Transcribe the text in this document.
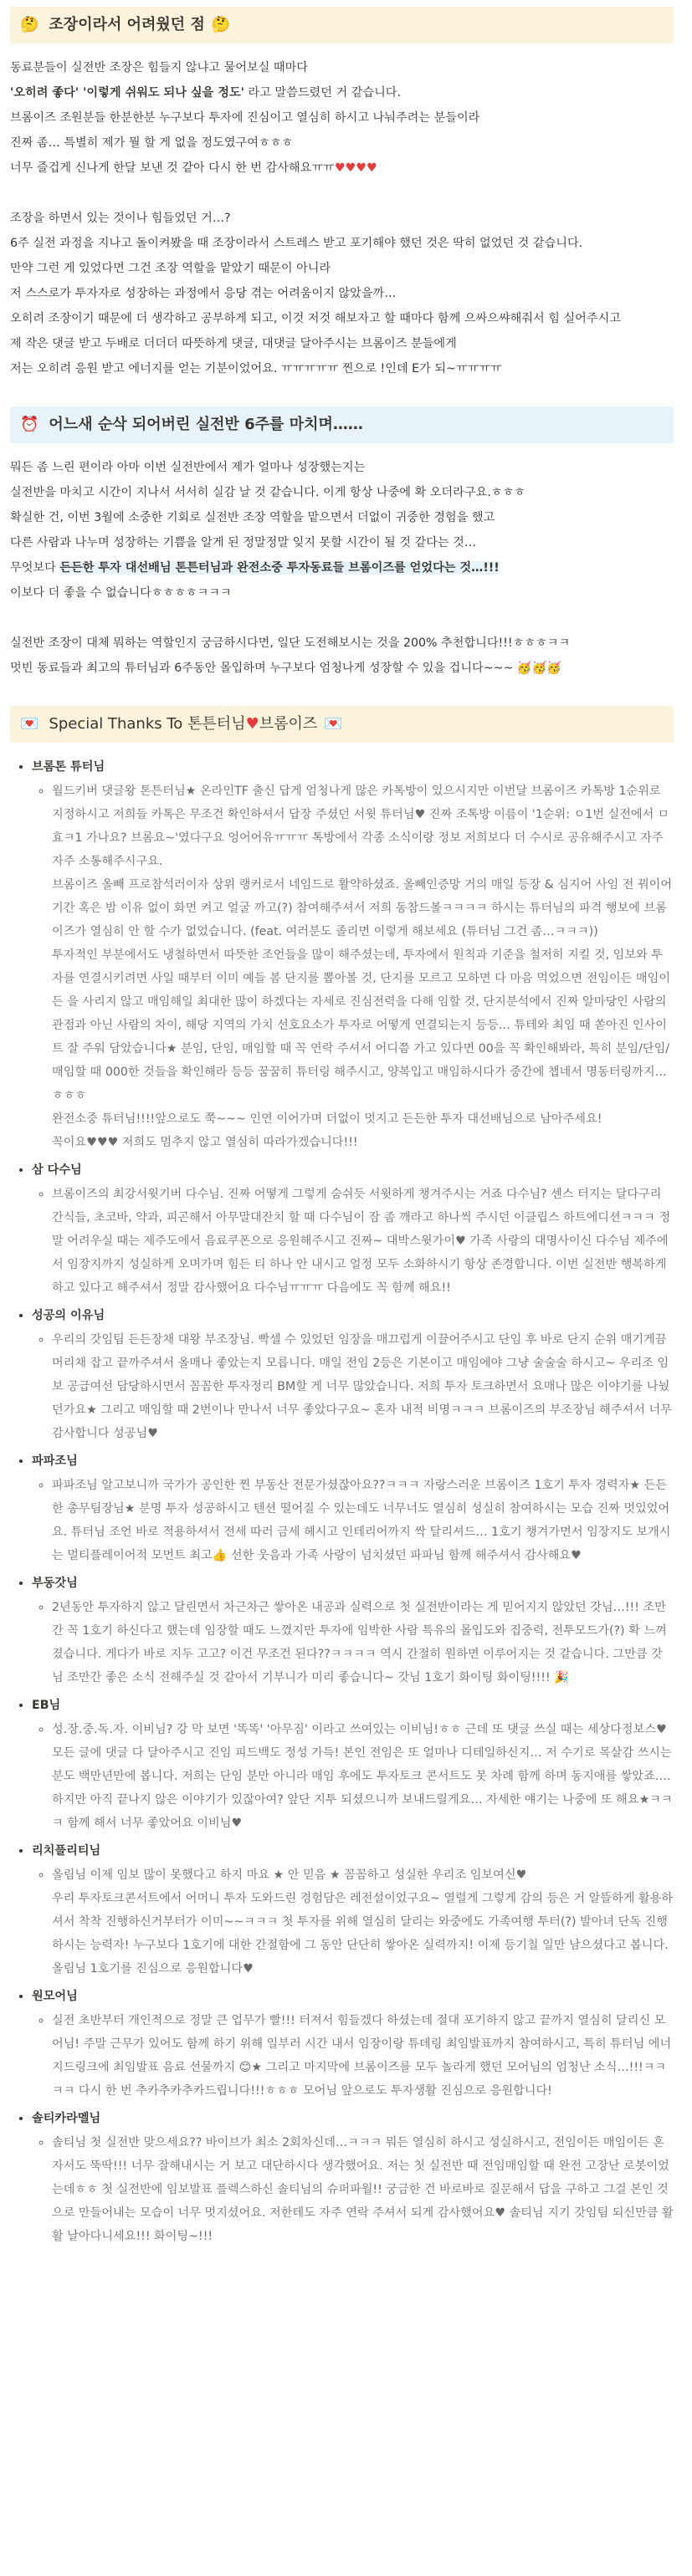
🤔 조장이라서 어려웠던 점 🤔

동료분들이 실전반 조장은 힘들지 않냐고 물어보실 때마다

'오히려 좋다' '이렇게 쉬워도 되나 싶을 정도' 라고 말씀드렸던 거 같습니다.

브롬이즈 조원분들 한분한분 누구보다 투자에 진심이고 열심히 하시고 나눠주려는 분들이라

진짜 좀… 특별히 제가 뭘 할 게 없을 정도였구여ㅎㅎㅎ

너무 즐겁게 신나게 한달 보낸 것 같아 다시 한 번 감사해요ㅠㅠ♥♥♥♥

조장을 하면서 있는 것이나 힘들었던 거…?

6주 실전 과정을 지나고 돌이켜봤을 때 조장이라서 스트레스 받고 포기해야 했던 것은 딱히 없었던 것 같습니다.

만약 그런 게 있었다면 그건 조장 역할을 맡았기 때문이 아니라

저 스스로가 투자자로 성장하는 과정에서 응당 겪는 어려움이지 않았을까…

오히려 조장이기 때문에 더 생각하고 공부하게 되고, 이것 저것 해보자고 할 때마다 함께 으싸으쌰해줘서 힘 실어주시고

제 작은 댓글 받고 두배로 더더더 따뜻하게 댓글, 대댓글 달아주시는 브롬이즈 분들에게

저는 오히려 응원 받고 에너지를 얻는 기분이었어요. ㅠㅠㅠㅠㅠ 찐으로 !인데 E가 되~ㅠㅠㅠㅠ

⏰ 어느새 순삭 되어버린 실전반 6주를 마치며……

뭐든 좀 느린 편이라 아마 이번 실전반에서 제가 얼마나 성장했는지는

실전반을 마치고 시간이 지나서 서서히 실감 날 것 같습니다. 이게 항상 나중에 확 오더라구요.ㅎㅎㅎ

확실한 건, 이번 3월에 소중한 기회로 실전반 조장 역할을 맡으면서 더없이 귀중한 경험을 했고

다른 사람과 나누며 성장하는 기쁨을 알게 된 정말정말 잊지 못할 시간이 될 것 같다는 것…

무엇보다 든든한 투자 대선배님 톤튼터님과 완전소중 투자동료들 브롬이즈를 얻었다는 것…!!!

이보다 더 좋을 수 없습니다ㅎㅎㅎㅎㅋㅋㅋ

실전반 조장이 대체 뭐하는 역할인지 궁금하시다면, 일단 도전해보시는 것을 200% 추천합니다!!!ㅎㅎㅎㅋㅋ

멋빈 동료들과 최고의 튜터님과 6주동안 몰입하며 누구보다 엄청나게 성장할 수 있을 겁니다~~~ 🥳🥳🥳

💌 Special Thanks To 톤튼터님 ♥ 브롬이즈 💌
• 브롬톤 튜터님

◦ 월드키버 댓글왕 톤튼터님★ 온라인TF 출신 답게 엄청나게 많은 카톡방이 있으시지만 이번달 브롬이즈 카톡방 1순위로 지정하시고 저희들 카톡은 무조건 확인하셔서 답장 주셨던 서윗 튜터님♥ 진짜 조톡방 이름이 '1순위: ㅇ1번 실전에서 ㅁ효ㅋ1 가나요? 브롬요~'였다구요 엉어어유ㅠㅠㅠ 톡방에서 각종 소식이랑 정보 저희보다 더 수시로 공유해주시고 자주자주 소통해주시구요.

브롬이즈 올빼 프로참석러이자 상위 랭커로서 네임드로 활약하셨죠. 올빼인증망 거의 매일 등장 & 심지어 사임 전 꿔이어 기간 혹은 밤 이유 없이 화면 켜고 얼굴 까고(?) 참여해주셔서 저희 동참드볼ㅋㅋㅋㅋ 하시는 튜터님의 파격 행보에 브롬이즈가 열심히 안 할 수가 없었습니다. (feat. 여러분도 졸리면 이렇게 해보세요 (튜터님 그건 좀…ㅋㅋㅋ))

투자적인 부분에서도 냉철하면서 따뜻한 조언들을 많이 해주셨는데, 투자에서 원칙과 기준을 철저히 지킬 것, 임보와 투자를 연결시키려면 사일 때부터 이미 예들 봄 단지를 뽑아볼 것, 단지를 모르고 모하면 다 마음 먹었으면 전임이든 매임이든 을 사리지 않고 매임해일 최대한 많이 하겠다는 자세로 진심전력을 다해 임할 것, 단지분석에서 진짜 알마당인 사람의 관점과 아닌 사람의 차이, 해당 지역의 가치 선호요소가 투자로 어떻게 연결되는지 등등… 튜테와 최임 때 쏟아진 인사이트 잘 주워 담았습니다★ 분임, 단임, 매임할 때 꼭 연락 주셔서 어디쯤 가고 있다면 00을 꼭 확인해봐라, 특히 분임/단임/매임할 때 000한 것들을 확인해라 등등 꿈꿈히 튜터링 해주시고, 양복입고 매임하시다가 중간에 챕네서 명동터링까지…ㅎㅎㅎ

완전소중 튜터님!!!!앞으로도 쭉~~~ 인연 이어가며 더없이 멋지고 든든한 투자 대선배님으로 남아주세요!

꼭이요♥♥♥ 저희도 멈추지 않고 열심히 따라가겠습니다!!!

• 삼 다수님

◦ 브롬이즈의 최강서윗기버 다수님. 진짜 어떻게 그렇게 숨쉬듯 서윗하게 챙겨주시는 거죠 다수님? 센스 터지는 달다구리 간식들, 초코바, 약과, 피곤해서 아무말대잔치 할 때 다수님이 잠 좀 깨라고 하나씩 주시던 이클립스 하트에디션ㅋㅋㅋ 정말 어려우실 때는 제주도에서 음료쿠폰으로 응원해주시고 진짜~ 대박스윗가이♥ 가족 사랑의 대명사이신 다수님 제주에서 임장지까지 성실하게 오며가며 힘든 티 하나 안 내시고 얼정 모두 소화하시기 항상 존경합니다. 이번 실전반 행복하게 하고 있다고 해주셔서 정말 감사했어요 다수님ㅠㅠㅠ 다음에도 꼭 함께 해요!!

• 성공의 이유님

◦ 우리의 갓임팀 든든장채 대왕 부조장님. 빡셀 수 있었던 임장을 매끄럽게 이끌어주시고 단임 후 바로 단지 순위 매기게끔 머리채 잡고 끝까주셔서 올매나 좋았는지 모릅니다. 매일 전임 2등은 기본이고 매임에야 그냥 술술술 하시고~ 우리조 임보 공급여선 담당하시면서 꼼꼼한 투자정리 BM할 게 너무 많았습니다. 저희 투자 토크하면서 요매나 많은 이야기를 나눴던가요★ 그리고 매임할 때 2번이나 만나서 너무 좋았다구요~ 혼자 내적 비명ㅋㅋㅋ 브롬이즈의 부조장님 해주셔서 너무 감사합니다 성공님♥

• 파파조님

◦ 파파조님 알고보니까 국가가 공인한 찐 부동산 전문가셨잖아요??ㅋㅋㅋ 자랑스러운 브롬이즈 1호기 투자 경력자★ 든든한 총무팀장님★ 분명 투자 성공하시고 텐션 떨어질 수 있는데도 너무너도 열심히 성실히 참여하시는 모습 진짜 멋있었어요. 튜터님 조언 바로 적용하셔서 전세 따러 금세 헤시고 인테리어까지 싹 달리셔드… 1호기 챙겨가면서 임장지도 보개시는 멀티플레이어적 모먼트 최고👍 선한 웃음과 가족 사랑이 넘치셨던 파파님 함께 해주셔서 감사해요♥

• 부동갓님

◦ 2년동안 투자하지 않고 달린면서 차근차근 쌓아온 내공과 실력으로 첫 실전반이라는 게 믿어지지 않았던 갓님…!!! 조만간 꼭 1호기 하신다고 했는데 임장할 때도 느꼈지만 투자에 임박한 사람 특유의 몰입도와 집중력, 전투모드가(?) 확 느껴졌습니다. 게다가 바로 지두 고고? 이건 무조건 된다??ㅋㅋㅋㅋ 역시 간절히 원하면 이루어지는 것 같습니다. 그만큼 갓님 조만간 좋은 소식 전해주실 것 같아서 기부니가 미리 좋습니다~ 갓님 1호기 화이팅 화이팅!!!! 🎉

• EB님

◦ 성.장.중.독.자. 이비님? 강 막 보면 '똑똑' '아무짐' 이라고 쓰여있는 이비님!ㅎㅎ 근데 또 댓글 쓰실 때는 세상다정보스♥ 모든 글에 댓글 다 달아주시고 진임 피드백도 정성 가득! 본인 전임은 또 얼마나 디테일하신지… 저 수기로 목살감 쓰시는 분도 백만년만에 봅니다. 저희는 단임 분만 아니라 매임 후에도 투자토크 콘서트도 못 차례 함께 하며 동지애를 쌓았죠…. 하지만 아직 끝나지 않은 이야기가 있잖아여? 앞단 지투 되셨으니까 보내드릴게요… 자세한 얘기는 나중에 또 해요★ㅋㅋㅋ 함께 해서 너무 좋았어요 이비님♥

• 리치플리티님

◦ 올림님 이제 임보 많이 못했다고 하지 마요 ★ 안 믿음 ★ 꼼꼼하고 성실한 우리조 임보여신♥

우리 투자토크콘서트에서 어머니 투자 도와드린 경험담은 레전설이었구요~ 열렬게 그렇게 감의 등은 거 알뜰하게 활용하셔서 착착 진행하신거부터가 이미~~ㅋㅋㅋ 첫 투자를 위해 열심히 달리는 와중에도 가족여행 투터(?) 발아녀 단독 진행하시는 능력자! 누구보다 1호기에 대한 간절함에 그 동안 단단히 쌓아온 실력까지! 이제 등기칠 일만 남으셨다고 봅니다. 올림님 1호기를 진심으로 응원합니다♥

• 원모어님

◦ 실전 초반부터 개인적으로 정말 큰 업무가 빨!!! 터져서 힘들겠다 하셨는데 절대 포기하지 않고 끝까지 열심히 달리신 모어님! 주말 근무가 있어도 함께 하기 위해 일부러 시간 내서 임장이랑 튜데링 최임발표까지 참여하시고, 특히 튜터님 에너지드링크에 최임발표 음료 선물까지 😊★ 그리고 마지막에 브롬이즈를 모두 놀라게 했던 모어님의 엄청난 소식…!!!ㅋㅋㅋㅋ 다시 한 번 추카추카추카드립니다!!!ㅎㅎㅎ 모어님 앞으로도 투자생활 진심으로 응원합니다!

• 솔티카라멜님

◦ 솔티님 첫 실전반 맞으세요?? 바이브가 최소 2회차신데…ㅋㅋㅋ 뭐든 열심히 하시고 성실하시고, 전임이든 매임이든 혼자서도 뚝딱!!! 너무 잘해내시는 거 보고 대단하시다 생각했어요. 저는 첫 실전반 때 전임매임할 때 완전 고장난 로봇이었는데ㅎㅎ 첫 실전반에 임보발표 플렉스하신 솔티님의 슈퍼파월!! 궁금한 건 바로바로 질문해서 답을 구하고 그걸 본인 것으로 만들어내는 모습이 너무 멋지셨어요. 저한테도 자주 연락 주셔서 되게 감사했어요♥ 솔티님 지기 갓임팀 되신만큼 활활 날아다니세요!!! 화이팅~!!!
